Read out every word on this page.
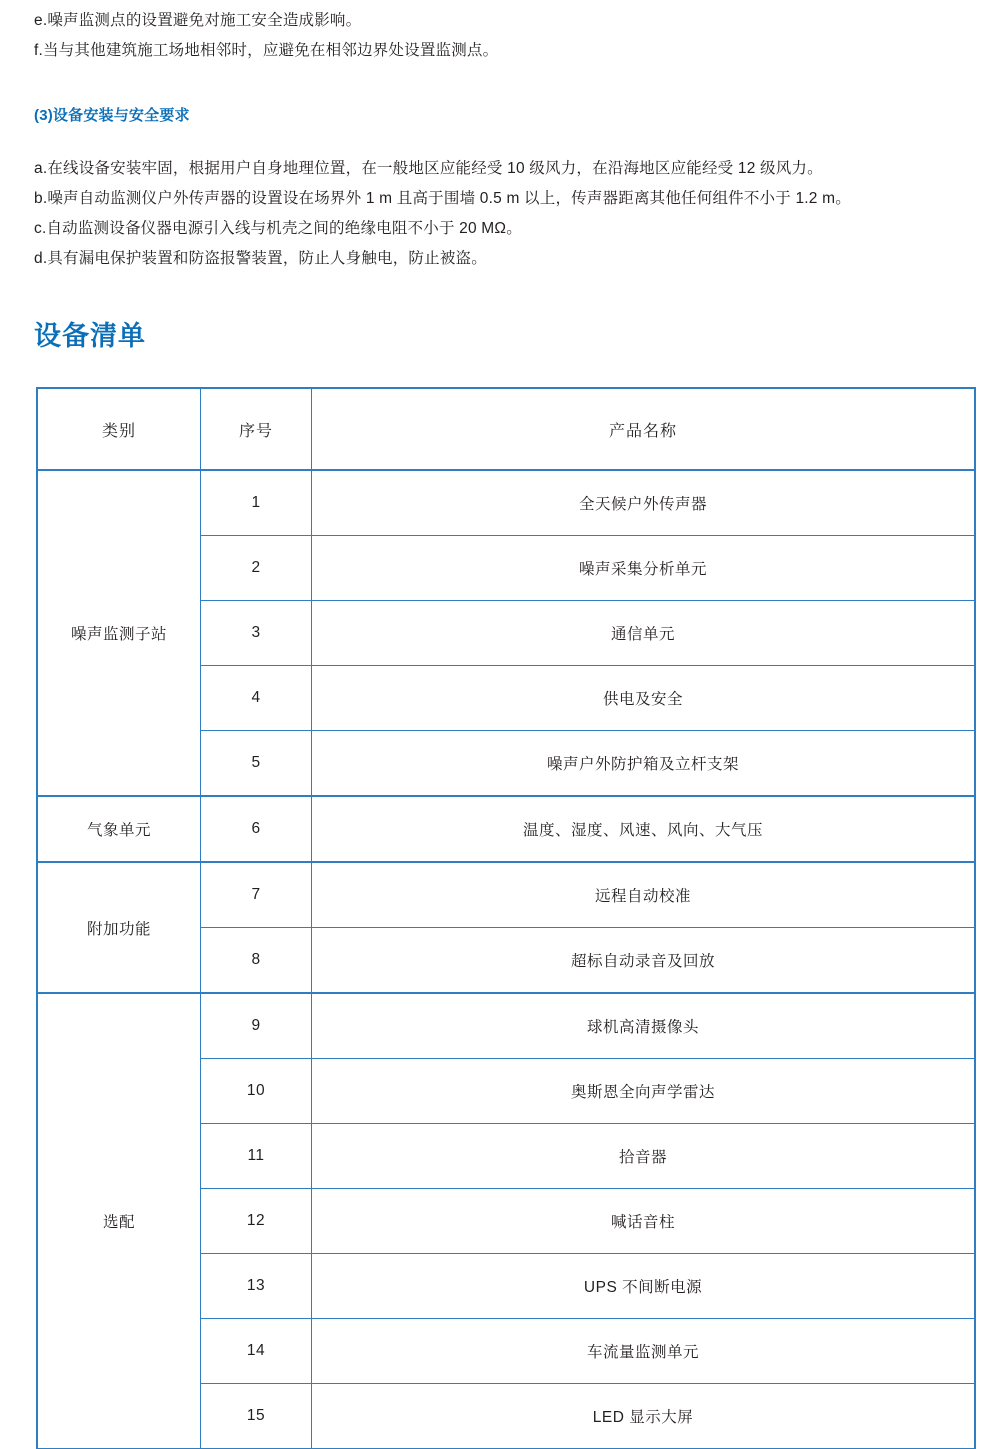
e.噪声监测点的设置避免对施工安全造成影响。
f.当与其他建筑施工场地相邻时，应避免在相邻边界处设置监测点。
(3)设备安装与安全要求
a.在线设备安装牢固，根据用户自身地理位置，在一般地区应能经受 10 级风力，在沿海地区应能经受 12 级风力。
b.噪声自动监测仪户外传声器的设置设在场界外 1 m 且高于围墙 0.5 m 以上，传声器距离其他任何组件不小于 1.2 m。
c.自动监测设备仪器电源引入线与机壳之间的绝缘电阻不小于 20 MΩ。
d.具有漏电保护装置和防盗报警装置，防止人身触电，防止被盗。
设备清单
类别	序号	产品名称
噪声监测子站	1	全天候户外传声器
	2	噪声采集分析单元
	3	通信单元
	4	供电及安全
	5	噪声户外防护箱及立杆支架
气象单元	6	温度、湿度、风速、风向、大气压
附加功能	7	远程自动校准
	8	超标自动录音及回放
选配	9	球机高清摄像头
	10	奥斯恩全向声学雷达
	11	拾音器
	12	喊话音柱
	13	UPS 不间断电源
	14	车流量监测单元
	15	LED 显示大屏
